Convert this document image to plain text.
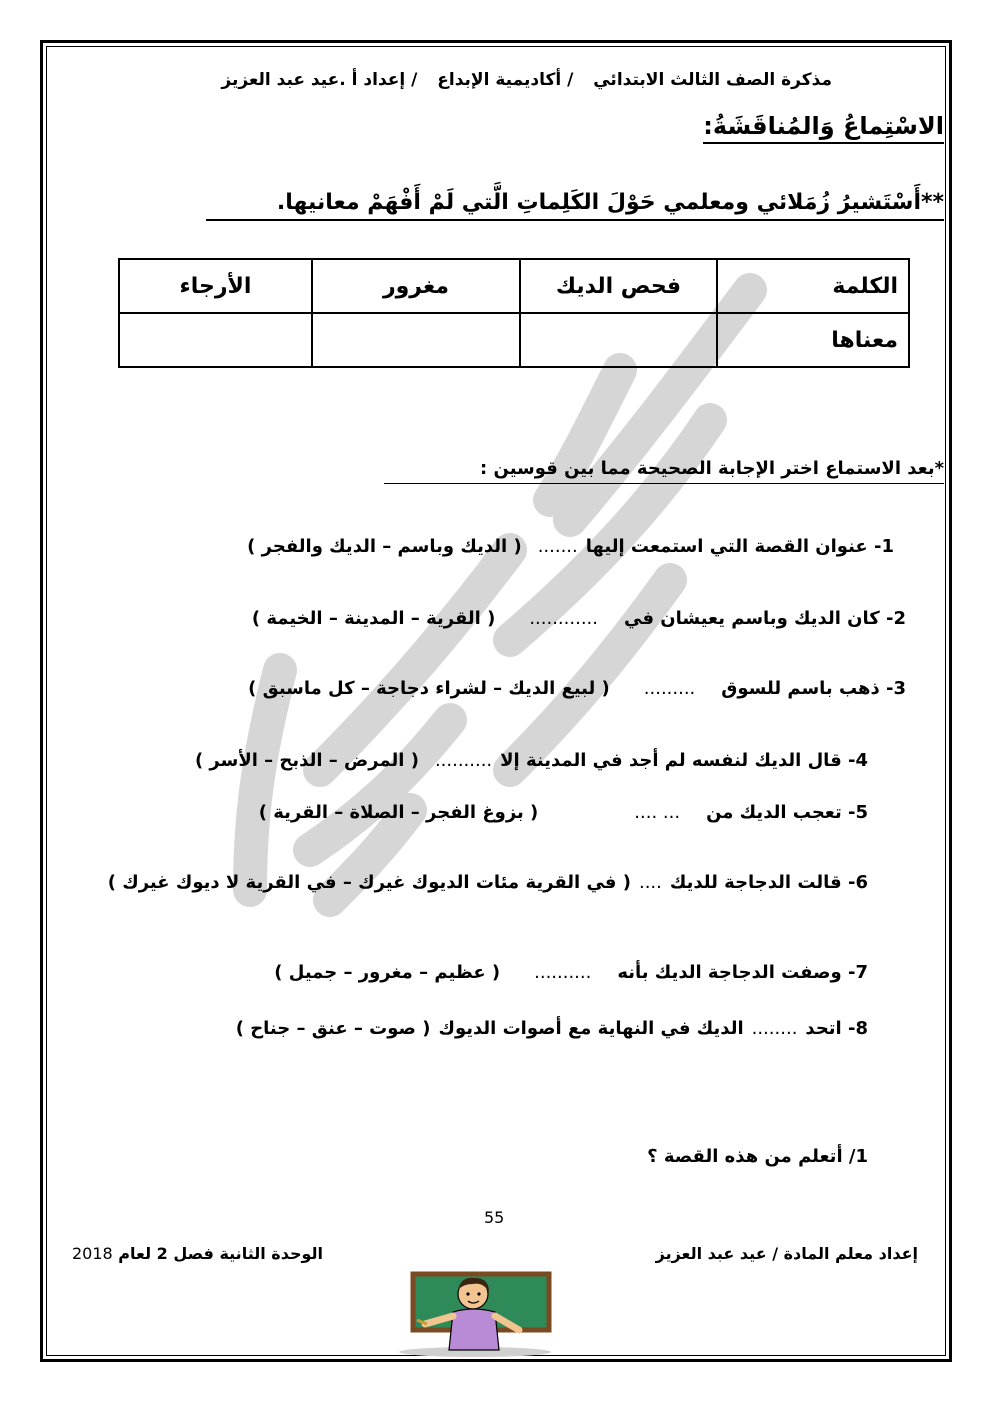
مذكرة الصف الثالث الابتدائي / أكاديمية الإبداع / إعداد أ .عيد عبد العزيز
الاسْتِماعُ وَالمُناقَشَةُ:
**أَسْتَشيرُ زُمَلائي ومعلمي حَوْلَ الكَلِماتِ الَّتي لَمْ أَفْهَمْ معانيها.
الكلمة	فحص الديك	مغرور	الأرجاء
معناها			
*بعد الاستماع اختر الإجابة الصحيحة مما بين قوسين :
1- عنوان القصة التي استمعت إليها.......( الديك وباسم – الديك والفجر )
2- كان الديك وباسم يعيشان في............( القرية – المدينة – الخيمة )
3- ذهب باسم للسوق.........( لبيع الديك – لشراء دجاجة – كل ماسبق )
4- قال الديك لنفسه لم أجد في المدينة إلا..........( المرض – الذبح – الأسر )
5- تعجب الديك من... ....( بزوغ الفجر – الصلاة – القرية )
6- قالت الدجاجة للديك....( في القرية مئات الديوك غيرك – في القرية لا ديوك غيرك )
7- وصفت الدجاجة الديك بأنه..........( عظيم – مغرور – جميل )
8- اتحد........الديك في النهاية مع أصوات الديوك( صوت – عنق – جناح )
1/ أتعلم من هذه القصة ؟
55
إعداد معلم المادة / عيد عبد العزيز
الوحدة الثانية فصل 2 لعام 2018
